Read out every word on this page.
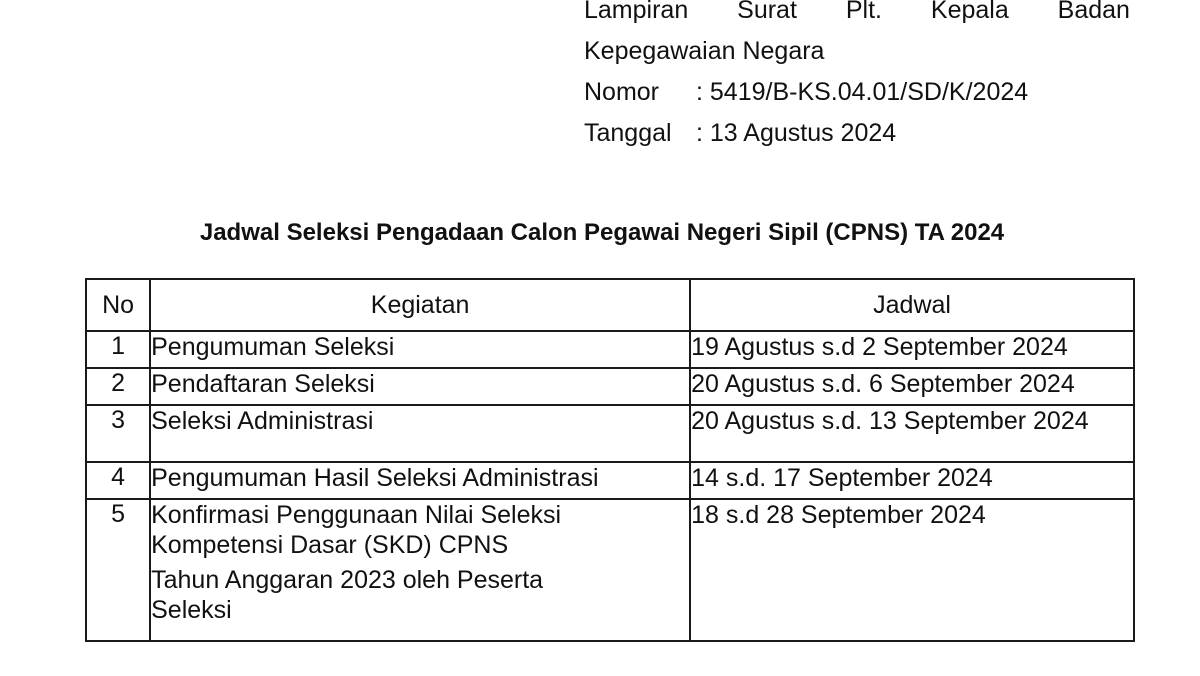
Lampiran Surat Plt. Kepala Badan
Kepegawaian Negara
Nomor	: 5419/B-KS.04.01/SD/K/2024
Tanggal : 13 Agustus 2024
Jadwal Seleksi Pengadaan Calon Pegawai Negeri Sipil (CPNS) TA 2024
No	Kegiatan	Jadwal
1	Pengumuman Seleksi	19 Agustus s.d 2 September 2024
2	Pendaftaran Seleksi	20 Agustus s.d. 6 September 2024
3	Seleksi Administrasi	20 Agustus s.d. 13 September 2024
4	Pengumuman Hasil Seleksi Administrasi	14 s.d. 17 September 2024
5	Konfirmasi Penggunaan Nilai Seleksi
Kompetensi Dasar (SKD) CPNS
Tahun Anggaran 2023 oleh Peserta
Seleksi	18 s.d 28 September 2024
